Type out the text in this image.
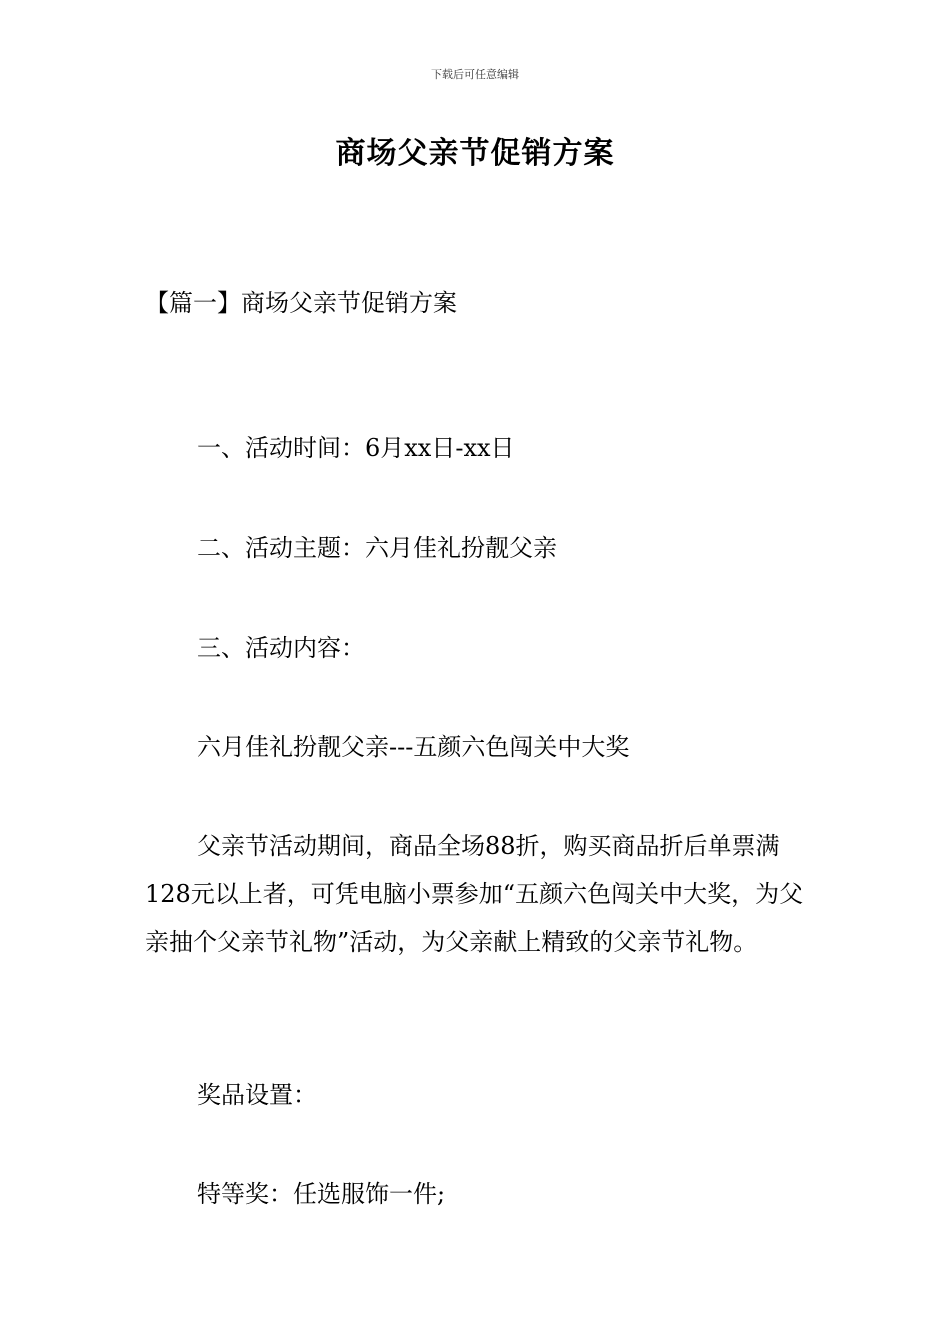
下载后可任意编辑
商场父亲节促销方案
【篇一】商场父亲节促销方案
一、活动时间：6月xx日-xx日
二、活动主题：六月佳礼扮靓父亲
三、活动内容：
六月佳礼扮靓父亲---五颜六色闯关中大奖
父亲节活动期间，商品全场88折，购买商品折后单票满128元以上者，可凭电脑小票参加“五颜六色闯关中大奖，为父亲抽个父亲节礼物”活动，为父亲献上精致的父亲节礼物。
奖品设置：
特等奖：任选服饰一件;
